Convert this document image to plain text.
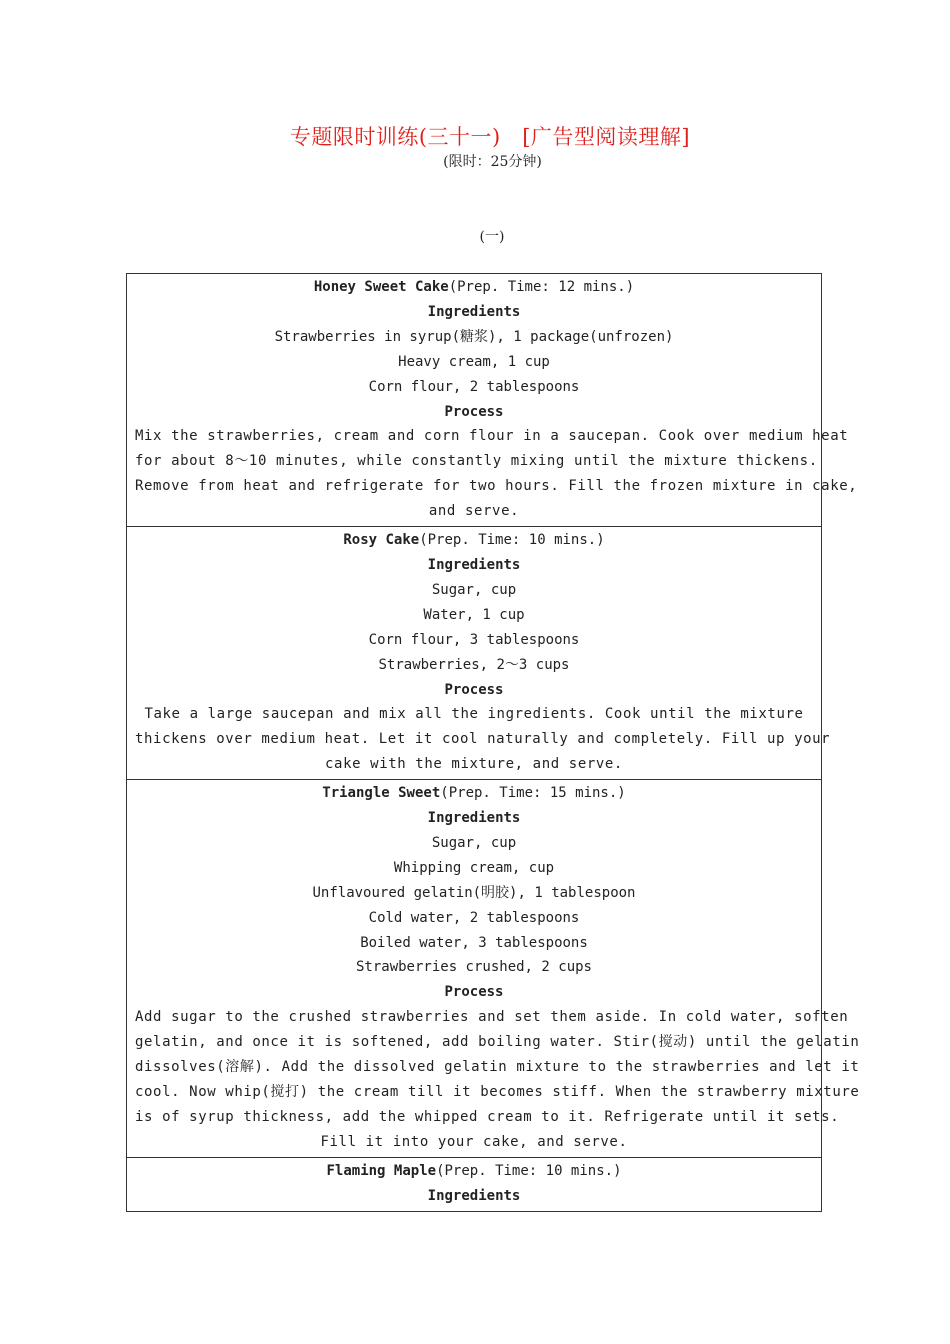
专题限时训练(三十一)　[广告型阅读理解]
(限时：25分钟)
(一)
Honey Sweet Cake(Prep. Time: 12 mins.)
Ingredients
Strawberries in syrup(糖浆), 1 package(unfrozen)
Heavy cream, 1 cup
Corn flour, 2 tablespoons
Process
Mix the strawberries, cream and corn flour in a saucepan. Cook over medium heat
for about 8～10 minutes, while constantly mixing until the mixture thickens.
Remove from heat and refrigerate for two hours. Fill the frozen mixture in cake,
and serve.
Rosy Cake(Prep. Time: 10 mins.)
Ingredients
Sugar, cup
Water, 1 cup
Corn flour, 3 tablespoons
Strawberries, 2～3 cups
Process
Take a large saucepan and mix all the ingredients. Cook until the mixture
thickens over medium heat. Let it cool naturally and completely. Fill up your
cake with the mixture, and serve.
Triangle Sweet(Prep. Time: 15 mins.)
Ingredients
Sugar, cup
Whipping cream, cup
Unflavoured gelatin(明胶), 1 tablespoon
Cold water, 2 tablespoons
Boiled water, 3 tablespoons
Strawberries crushed, 2 cups
Process
Add sugar to the crushed strawberries and set them aside. In cold water, soften
gelatin, and once it is softened, add boiling water. Stir(搅动) until the gelatin
dissolves(溶解). Add the dissolved gelatin mixture to the strawberries and let it
cool. Now whip(搅打) the cream till it becomes stiff. When the strawberry mixture
is of syrup thickness, add the whipped cream to it. Refrigerate until it sets.
Fill it into your cake, and serve.
Flaming Maple(Prep. Time: 10 mins.)
Ingredients
